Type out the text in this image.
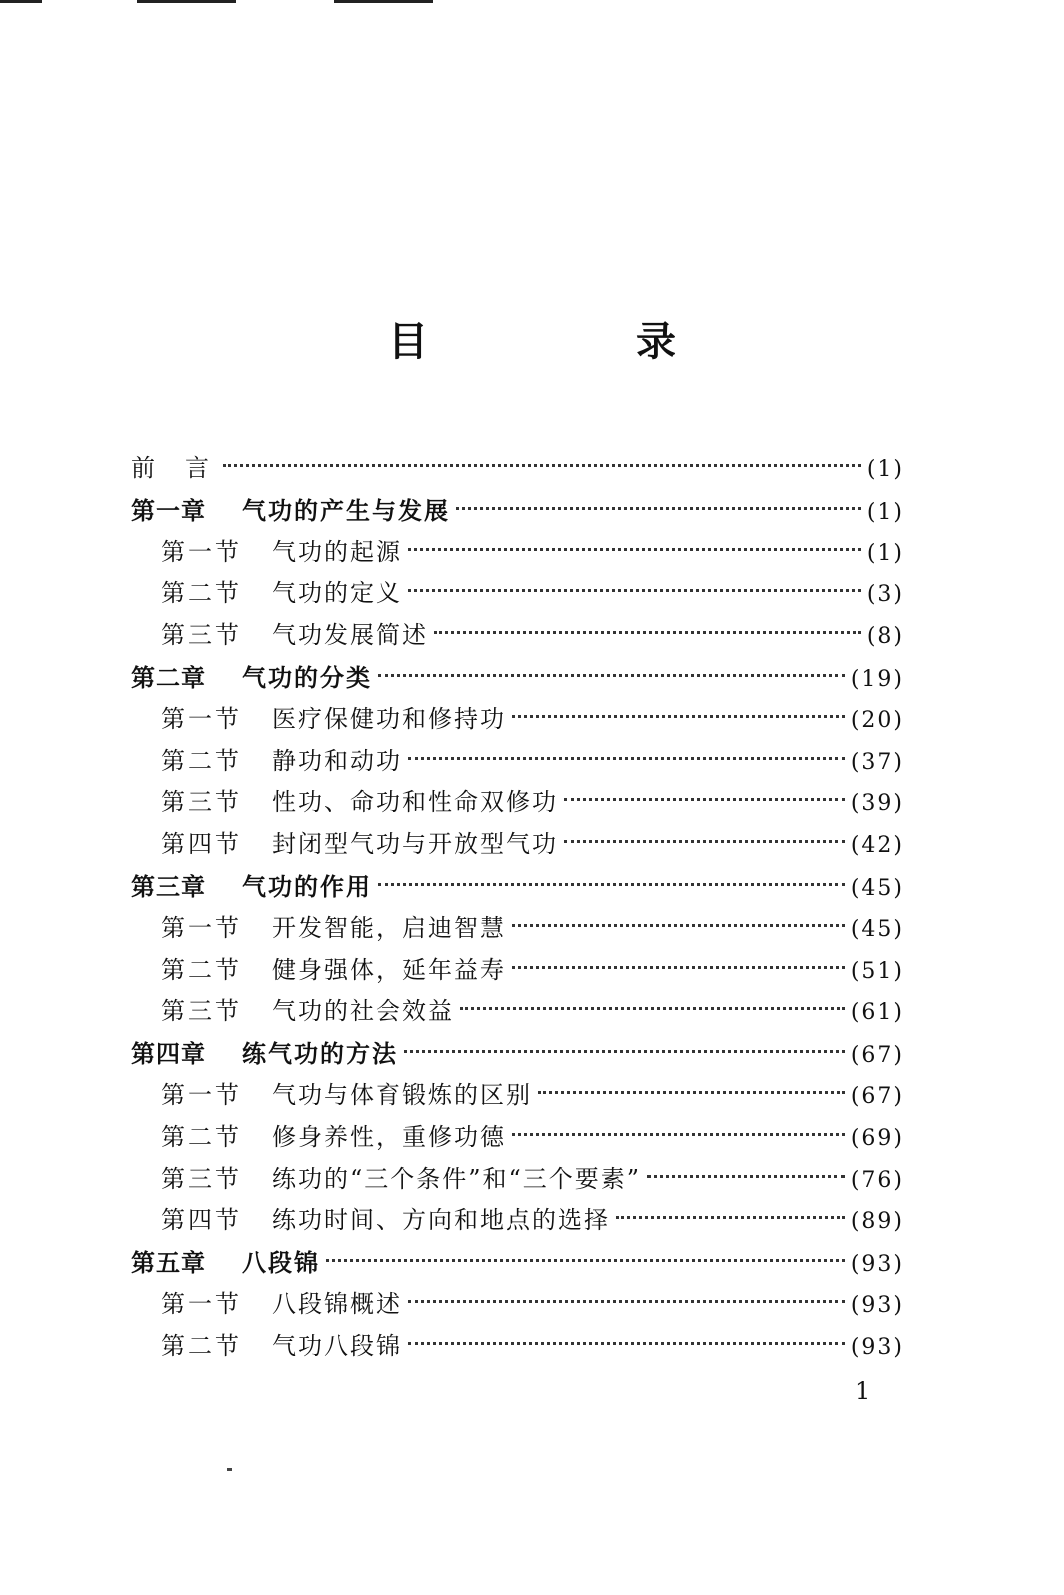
目　录
前言	(1)
第一章	气功的产生与发展	(1)
第一节	气功的起源	(1)
第二节	气功的定义	(3)
第三节	气功发展简述	(8)
第二章	气功的分类	(19)
第一节	医疗保健功和修持功	(20)
第二节	静功和动功	(37)
第三节	性功、命功和性命双修功	(39)
第四节	封闭型气功与开放型气功	(42)
第三章	气功的作用	(45)
第一节	开发智能，启迪智慧	(45)
第二节	健身强体，延年益寿	(51)
第三节	气功的社会效益	(61)
第四章	练气功的方法	(67)
第一节	气功与体育锻炼的区别	(67)
第二节	修身养性，重修功德	(69)
第三节	练功的“三个条件”和“三个要素”	(76)
第四节	练功时间、方向和地点的选择	(89)
第五章	八段锦	(93)
第一节	八段锦概述	(93)
第二节	气功八段锦	(93)
1
